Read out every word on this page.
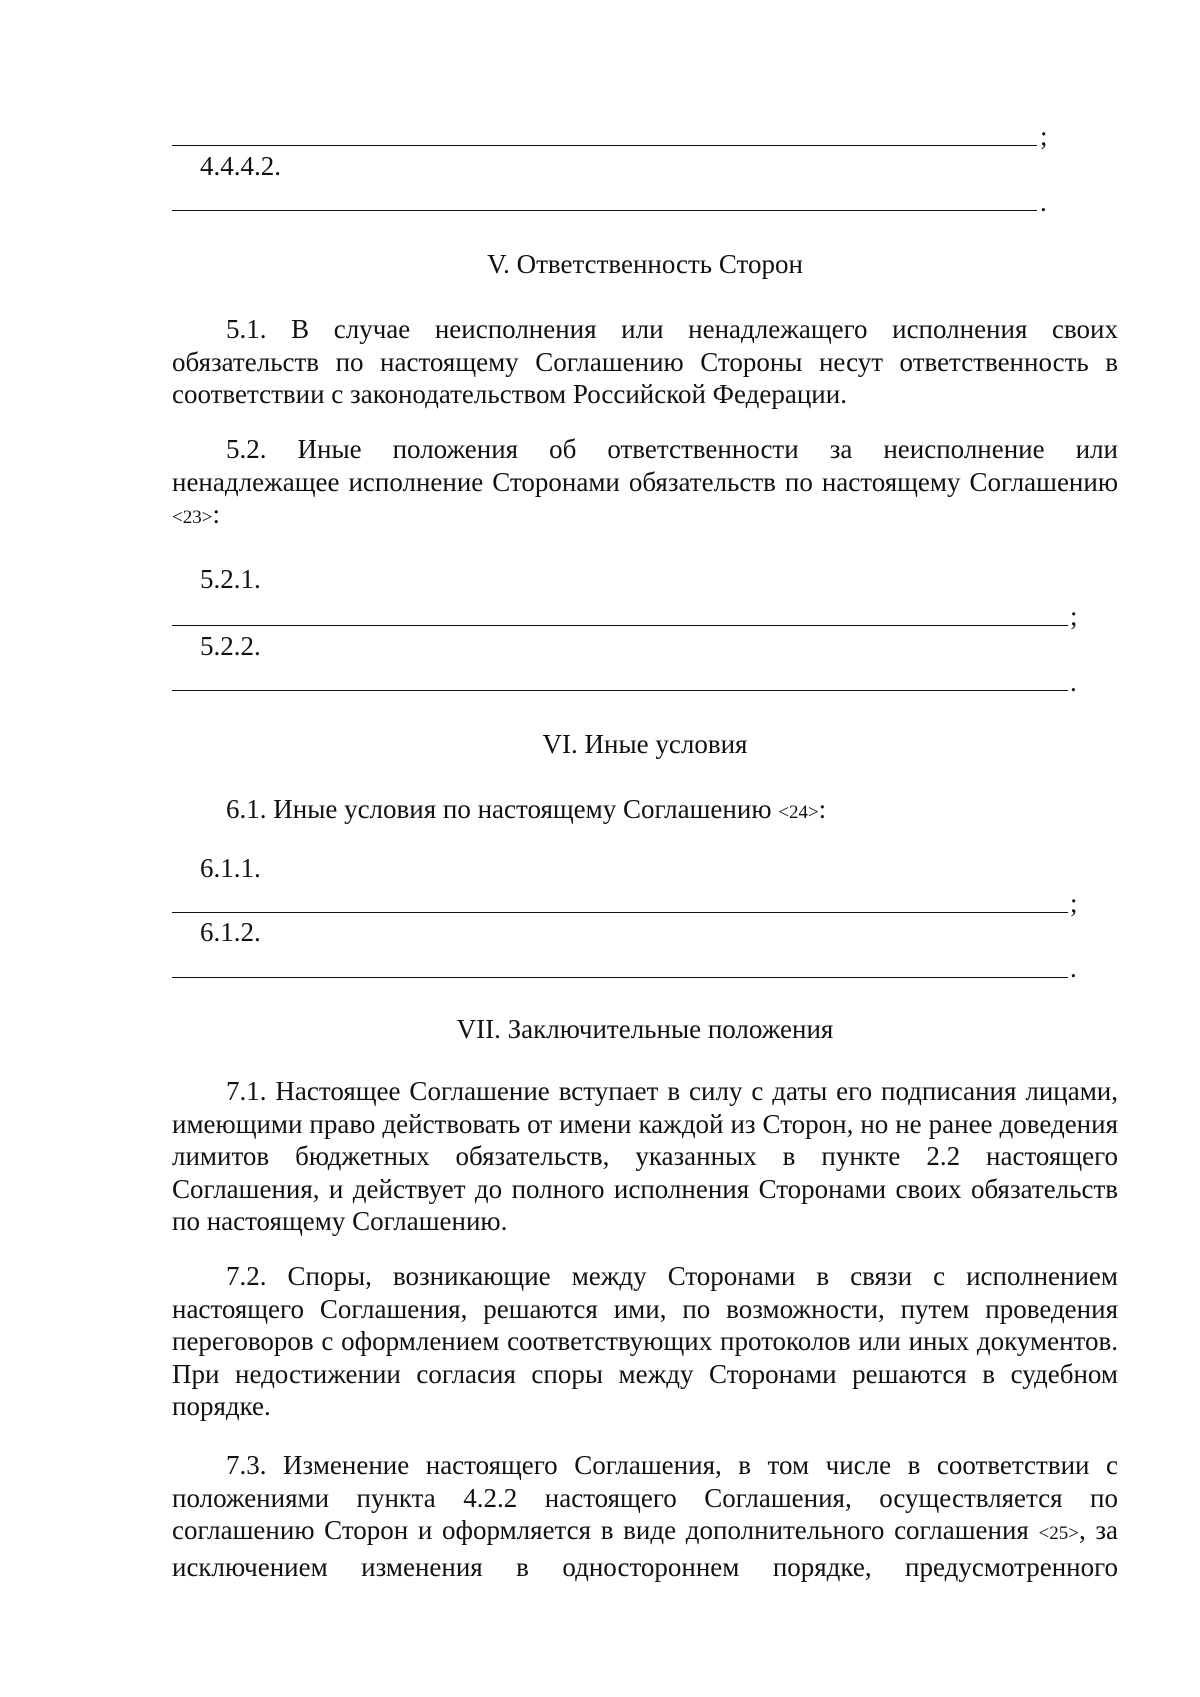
;
4.4.4.2.
.
V. Ответственность Сторон

5.1. В случае неисполнения или ненадлежащего исполнения своих обязательств по настоящему Соглашению Стороны несут ответственность в соответствии с законодательством Российской Федерации.

5.2. Иные положения об ответственности за неисполнение или ненадлежащее исполнение Сторонами обязательств по настоящему Соглашению <23>:

5.2.1.
;
5.2.2.
.
VI. Иные условия

6.1. Иные условия по настоящему Соглашению <24>:

6.1.1.
;
6.1.2.
.
VII. Заключительные положения

7.1. Настоящее Соглашение вступает в силу с даты его подписания лицами, имеющими право действовать от имени каждой из Сторон, но не ранее доведения лимитов бюджетных обязательств, указанных в пункте 2.2 настоящего Соглашения, и действует до полного исполнения Сторонами своих обязательств по настоящему Соглашению.

7.2. Споры, возникающие между Сторонами в связи с исполнением настоящего Соглашения, решаются ими, по возможности, путем проведения переговоров с оформлением соответствующих протоколов или иных документов. При недостижении согласия споры между Сторонами решаются в судебном порядке.

7.3. Изменение настоящего Соглашения, в том числе в соответствии с положениями пункта 4.2.2 настоящего Соглашения, осуществляется по соглашению Сторон и оформляется в виде дополнительного соглашения <25>, за исключением изменения в одностороннем порядке, предусмотренного
